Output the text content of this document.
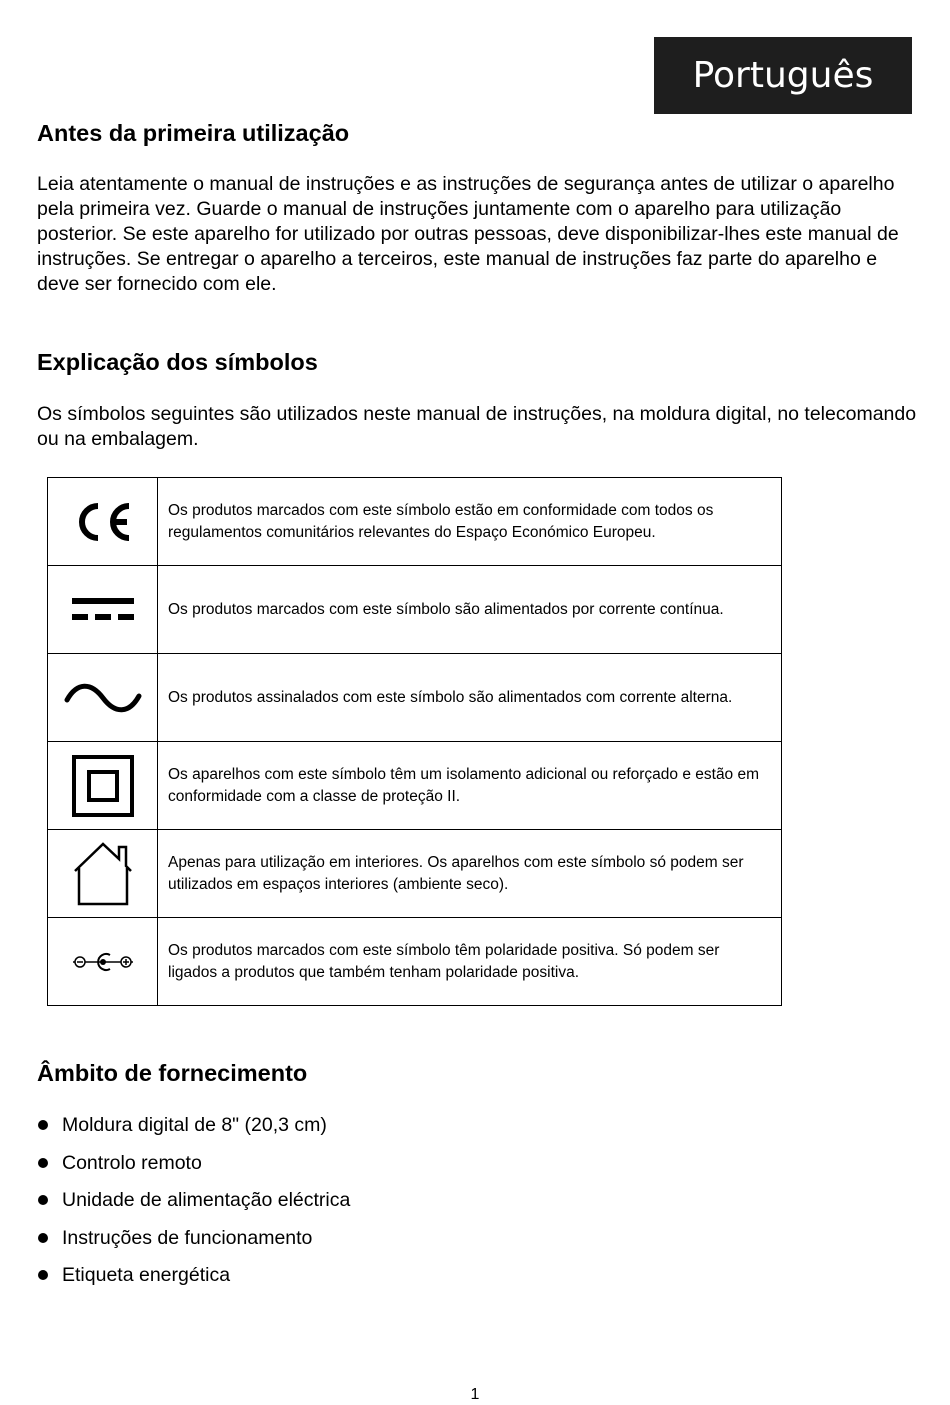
Português
Antes da primeira utilização

Leia atentamente o manual de instruções e as instruções de segurança antes de utilizar o aparelho pela primeira vez. Guarde o manual de instruções juntamente com o aparelho para utilização posterior. Se este aparelho for utilizado por outras pessoas, deve disponibilizar-lhes este manual de instruções. Se entregar o aparelho a terceiros, este manual de instruções faz parte do aparelho e deve ser fornecido com ele.

Explicação dos símbolos

Os símbolos seguintes são utilizados neste manual de instruções, na moldura digital, no telecomando ou na embalagem.

	Os produtos marcados com este símbolo estão em conformidade com todos os regulamentos comunitários relevantes do Espaço Económico Europeu.

	Os produtos marcados com este símbolo são alimentados por corrente contínua.

	Os produtos assinalados com este símbolo são alimentados com corrente alterna.

	Os aparelhos com este símbolo têm um isolamento adicional ou reforçado e estão em conformidade com a classe de proteção II.

	Apenas para utilização em interiores. Os aparelhos com este símbolo só podem ser utilizados em espaços interiores (ambiente seco).

	Os produtos marcados com este símbolo têm polaridade positiva. Só podem ser ligados a produtos que também tenham polaridade positiva.
Âmbito de fornecimento
Moldura digital de 8" (20,3 cm)
Controlo remoto
Unidade de alimentação eléctrica
Instruções de funcionamento
Etiqueta energética
1
